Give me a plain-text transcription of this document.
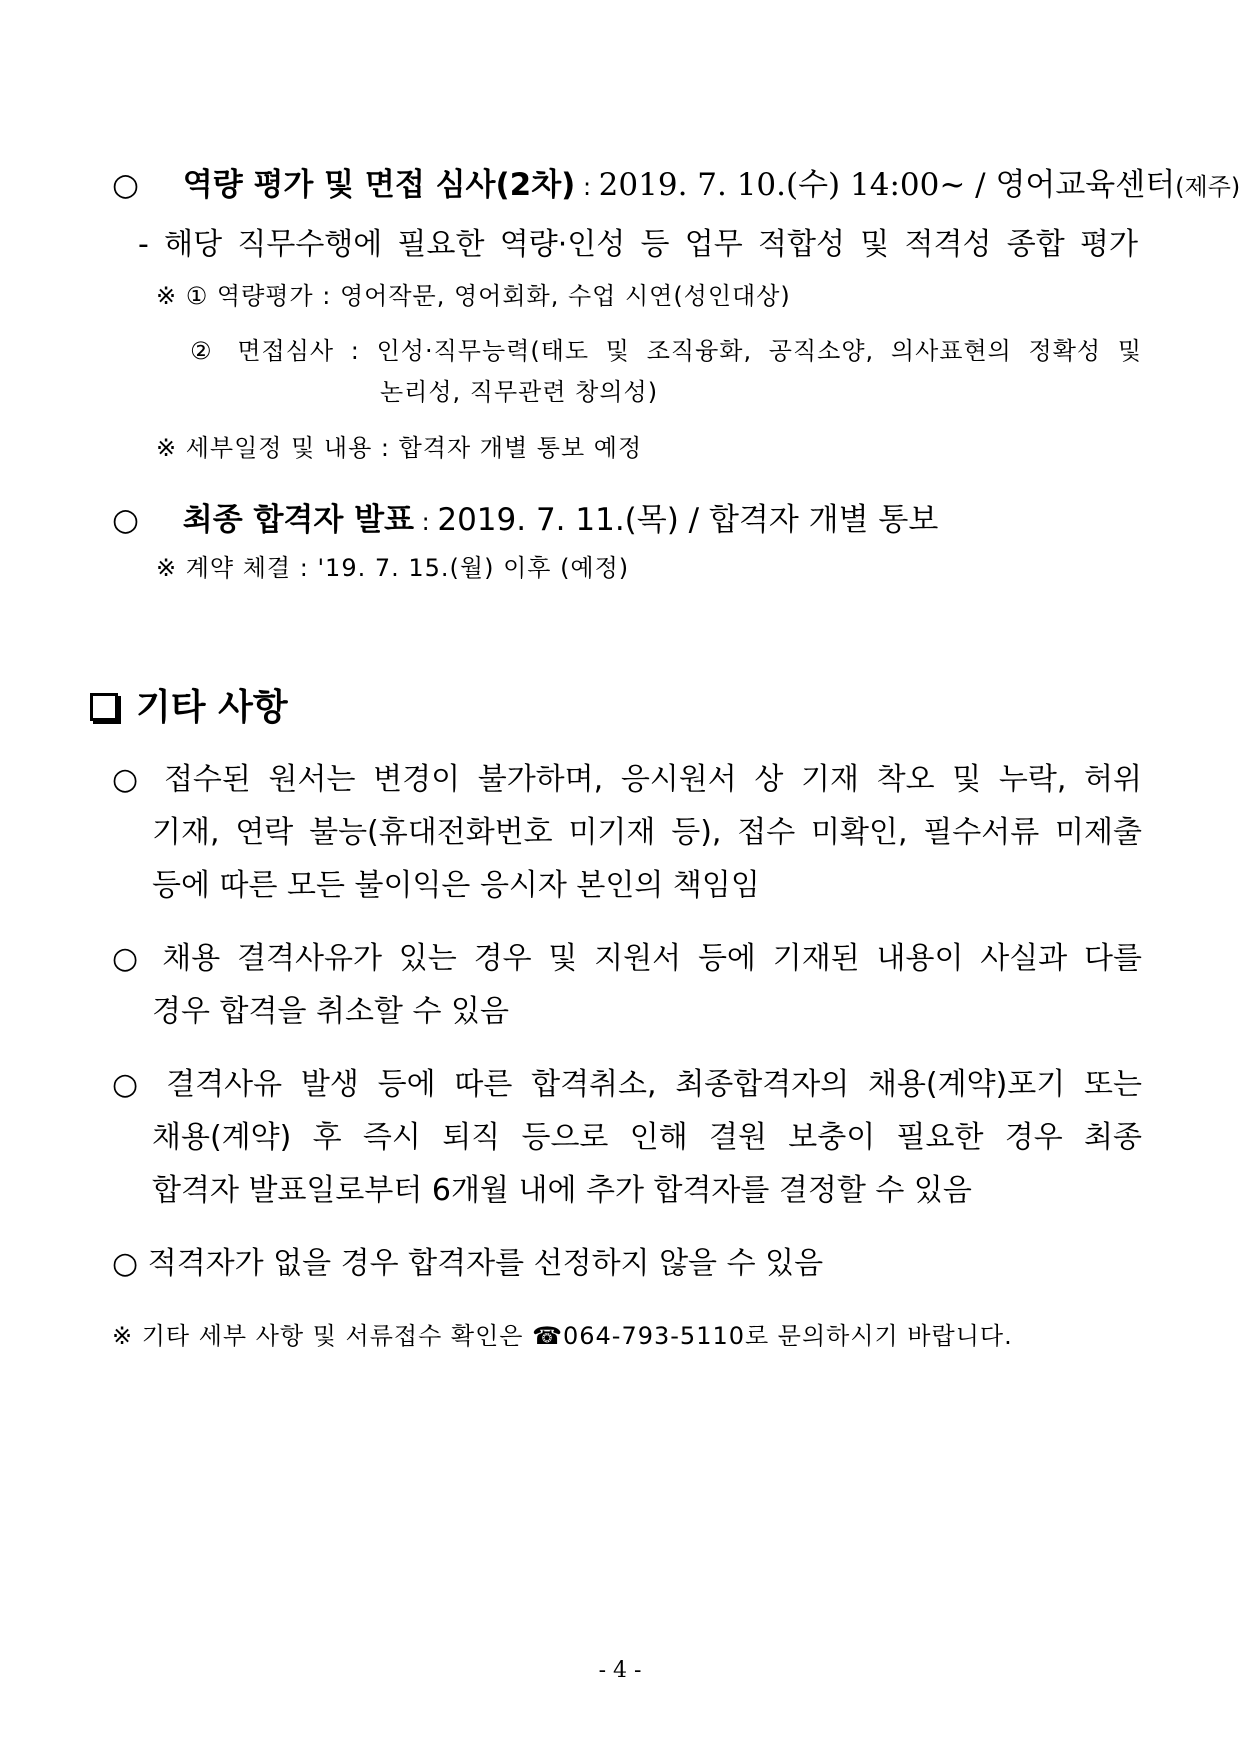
○ 역량 평가 및 면접 심사(2차) : 2019. 7. 10.(수) 14:00~ / 영어교육센터(제주)
- 해당 직무수행에 필요한 역량·인성 등 업무 적합성 및 적격성 종합 평가
※ ① 역량평가 : 영어작문, 영어회화, 수업 시연(성인대상)
② 면접심사 : 인성·직무능력(태도 및 조직융화, 공직소양, 의사표현의 정확성 및
논리성, 직무관련 창의성)
※ 세부일정 및 내용 : 합격자 개별 통보 예정
○ 최종 합격자 발표 : 2019. 7. 11.(목) / 합격자 개별 통보
※ 계약 체결 : '19. 7. 15.(월) 이후 (예정)
기타 사항
○ 접수된 원서는 변경이 불가하며, 응시원서 상 기재 착오 및 누락, 허위
기재, 연락 불능(휴대전화번호 미기재 등), 접수 미확인, 필수서류 미제출
등에 따른 모든 불이익은 응시자 본인의 책임임
○ 채용 결격사유가 있는 경우 및 지원서 등에 기재된 내용이 사실과 다를
경우 합격을 취소할 수 있음
○ 결격사유 발생 등에 따른 합격취소, 최종합격자의 채용(계약)포기 또는
채용(계약) 후 즉시 퇴직 등으로 인해 결원 보충이 필요한 경우 최종
합격자 발표일로부터 6개월 내에 추가 합격자를 결정할 수 있음
○ 적격자가 없을 경우 합격자를 선정하지 않을 수 있음
※ 기타 세부 사항 및 서류접수 확인은 ☎064-793-5110로 문의하시기 바랍니다.
- 4 -
